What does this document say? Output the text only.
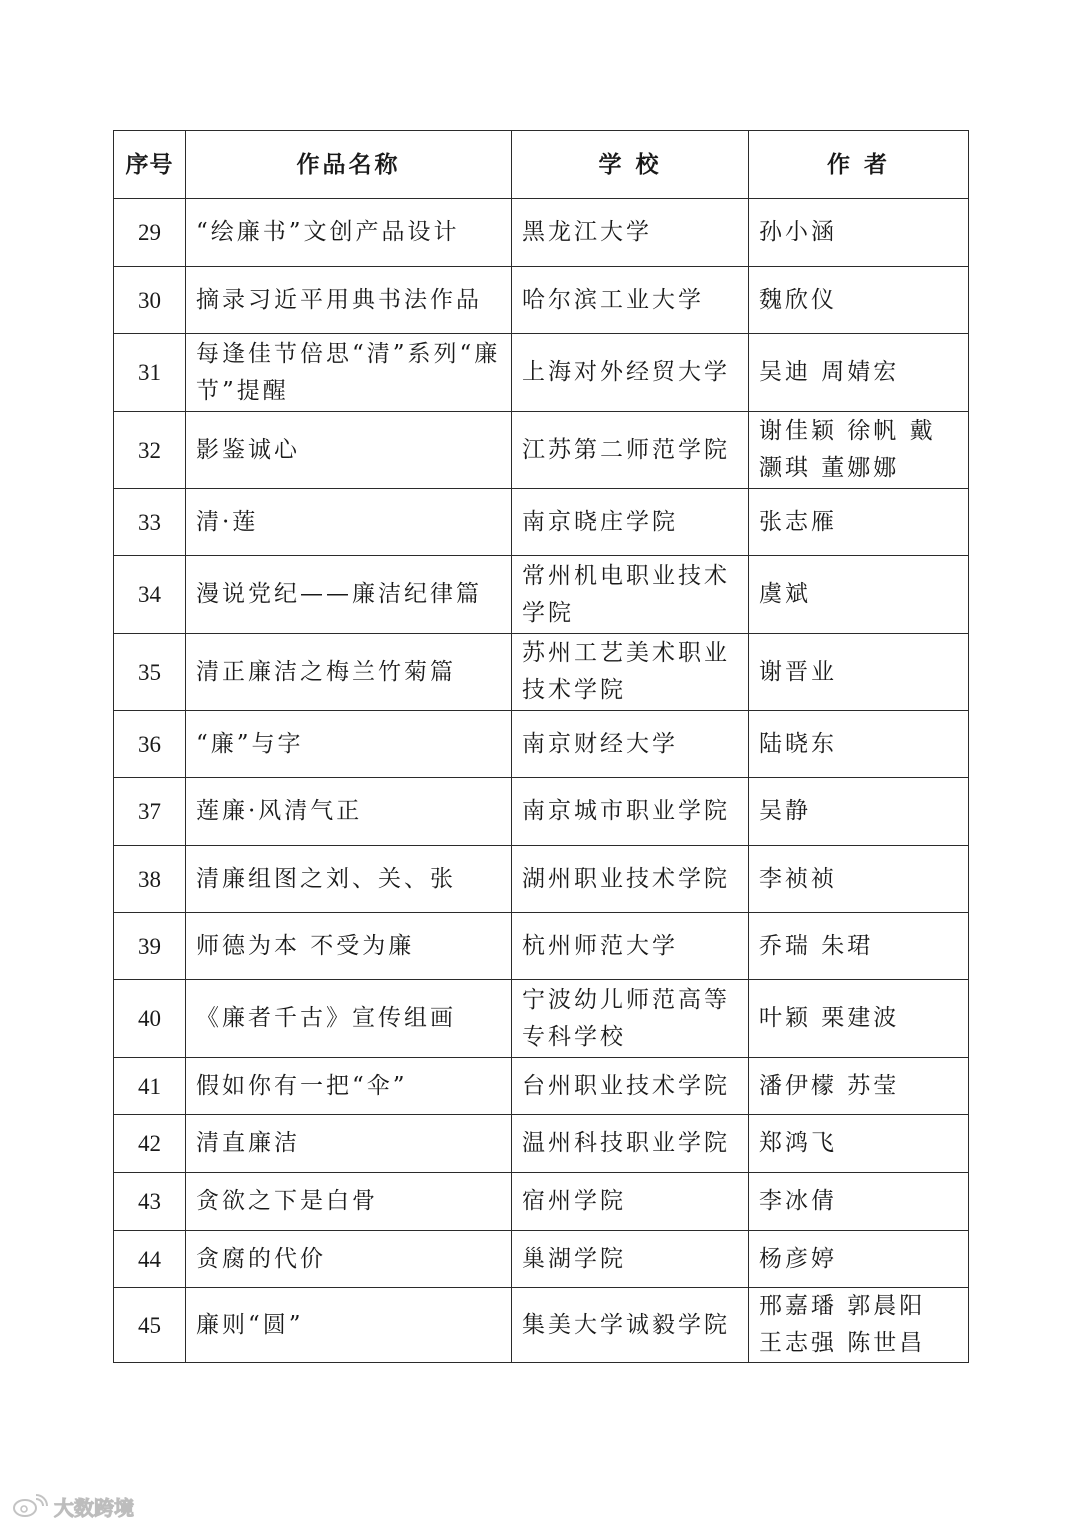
序号	作品名称	学 校	作 者
29	“绘廉书”文创产品设计	黑龙江大学	孙小涵
30	摘录习近平用典书法作品	哈尔滨工业大学	魏欣仪
31	每逢佳节倍思“清”系列“廉节”提醒	上海对外经贸大学	吴迪 周婧宏
32	影鉴诚心	江苏第二师范学院	谢佳颖 徐帆 戴灏琪 董娜娜
33	清·莲	南京晓庄学院	张志雁
34	漫说党纪——廉洁纪律篇	常州机电职业技术学院	虞斌
35	清正廉洁之梅兰竹菊篇	苏州工艺美术职业技术学院	谢晋业
36	“廉”与字	南京财经大学	陆晓东
37	莲廉·风清气正	南京城市职业学院	吴静
38	清廉组图之刘、关、张	湖州职业技术学院	李祯祯
39	师德为本 不受为廉	杭州师范大学	乔瑞 朱珺
40	《廉者千古》宣传组画	宁波幼儿师范高等专科学校	叶颖 栗建波
41	假如你有一把“伞”	台州职业技术学院	潘伊檬 苏莹
42	清直廉洁	温州科技职业学院	郑鸿飞
43	贪欲之下是白骨	宿州学院	李冰倩
44	贪腐的代价	巢湖学院	杨彦婷
45	廉则“圆”	集美大学诚毅学院	邢嘉璠 郭晨阳 王志强 陈世昌
大数跨境
